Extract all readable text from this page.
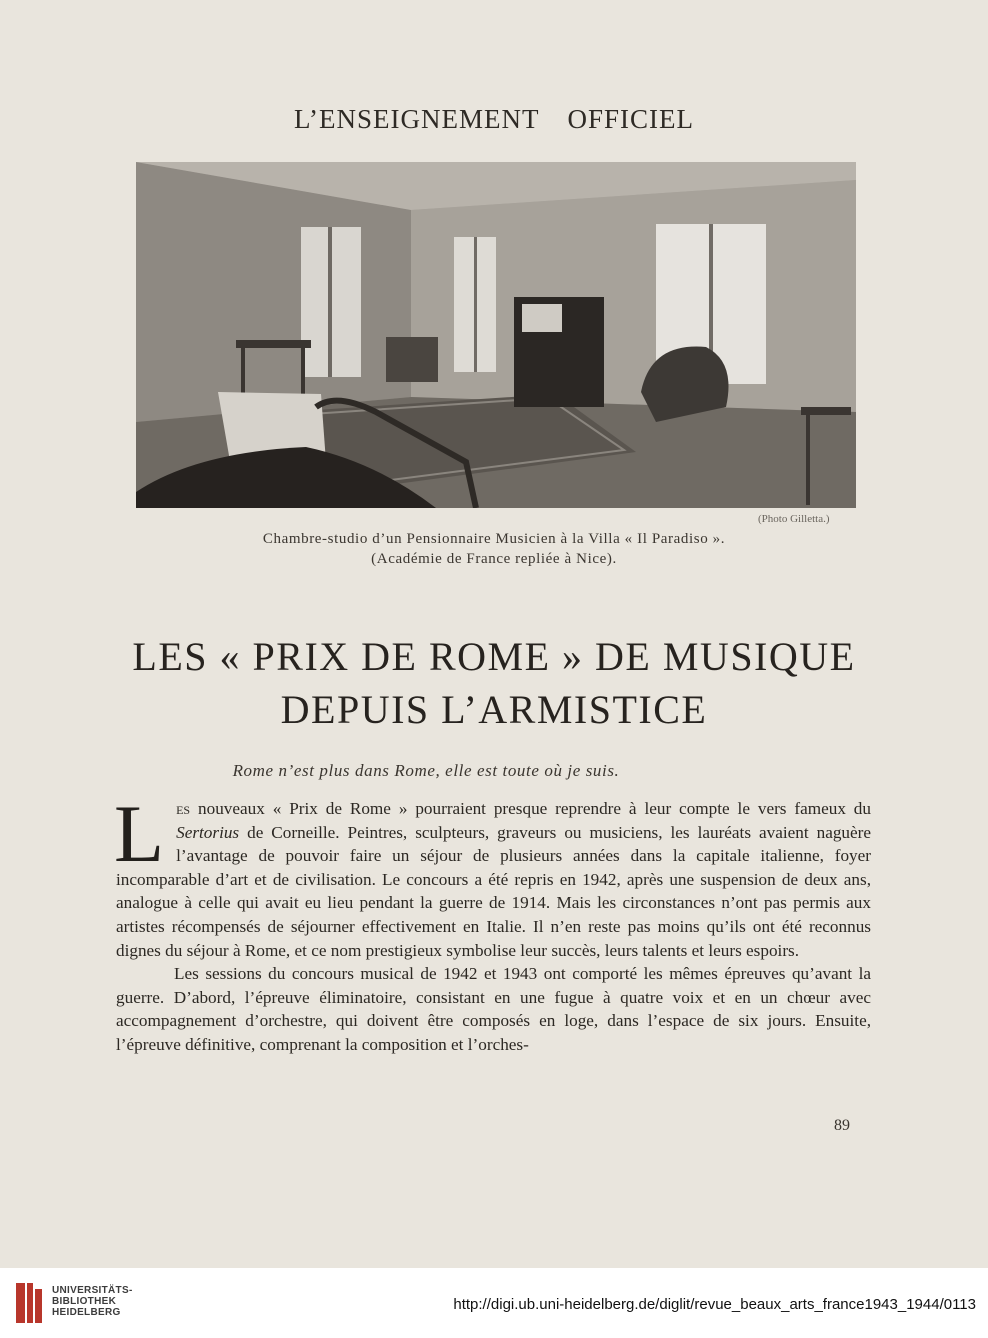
L’ENSEIGNEMENT OFFICIEL
(Photo Gilletta.)
Chambre-studio d’un Pensionnaire Musicien à la Villa « Il Paradiso ».
(Académie de France repliée à Nice).
LES « PRIX DE ROME » DE MUSIQUE
DEPUIS L’ARMISTICE
Rome n’est plus dans Rome, elle est toute où je suis.

Les nouveaux « Prix de Rome » pourraient presque reprendre à leur compte le vers fameux du Sertorius de Corneille. Peintres, sculpteurs, graveurs ou musiciens, les lauréats avaient naguère l’avantage de pouvoir faire un séjour de plusieurs années dans la capitale italienne, foyer incomparable d’art et de civilisation. Le concours a été repris en 1942, après une suspension de deux ans, analogue à celle qui avait eu lieu pendant la guerre de 1914. Mais les circonstances n’ont pas permis aux artistes récompensés de séjourner effectivement en Italie. Il n’en reste pas moins qu’ils ont été reconnus dignes du séjour à Rome, et ce nom prestigieux symbolise leur succès, leurs talents et leurs espoirs.

Les sessions du concours musical de 1942 et 1943 ont comporté les mêmes épreuves qu’avant la guerre. D’abord, l’épreuve éliminatoire, consistant en une fugue à quatre voix et en un chœur avec accompagnement d’orchestre, qui doivent être composés en loge, dans l’espace de six jours. Ensuite, l’épreuve définitive, comprenant la composition et l’orches-

89
UNIVERSITÄTS-
BIBLIOTHEK
HEIDELBERG	http://digi.ub.uni-heidelberg.de/diglit/revue_beaux_arts_france1943_1944/0113
